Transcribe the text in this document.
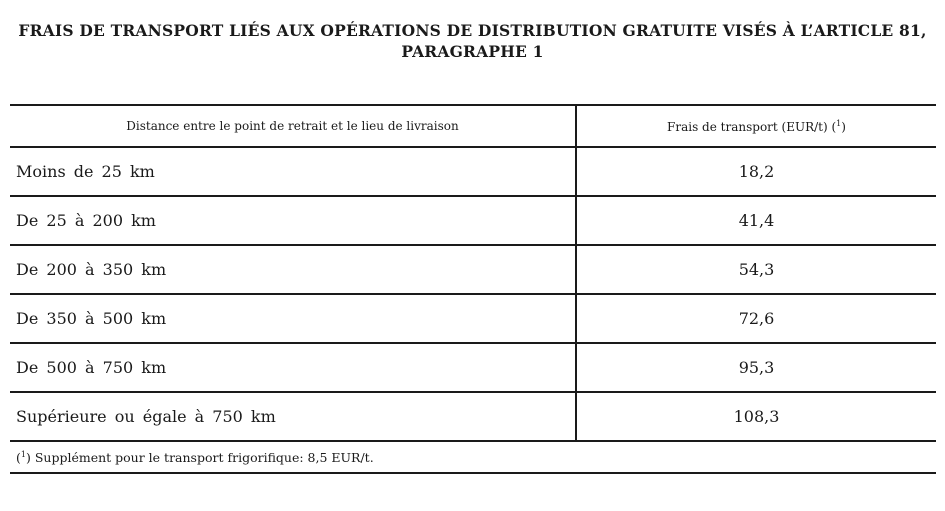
FRAIS DE TRANSPORT LIÉS AUX OPÉRATIONS DE DISTRIBUTION GRATUITE VISÉS À L’ARTICLE 81,
PARAGRAPHE 1
Distance entre le point de retrait et le lieu de livraison	Frais de transport (EUR/t) ($^1$)
Moins de 25 km	18,2
De 25 à 200 km	41,4
De 200 à 350 km	54,3
De 350 à 500 km	72,6
De 500 à 750 km	95,3
Supérieure ou égale à 750 km	108,3
($^1$) Supplément pour le transport frigorifique: 8,5 EUR/t.
